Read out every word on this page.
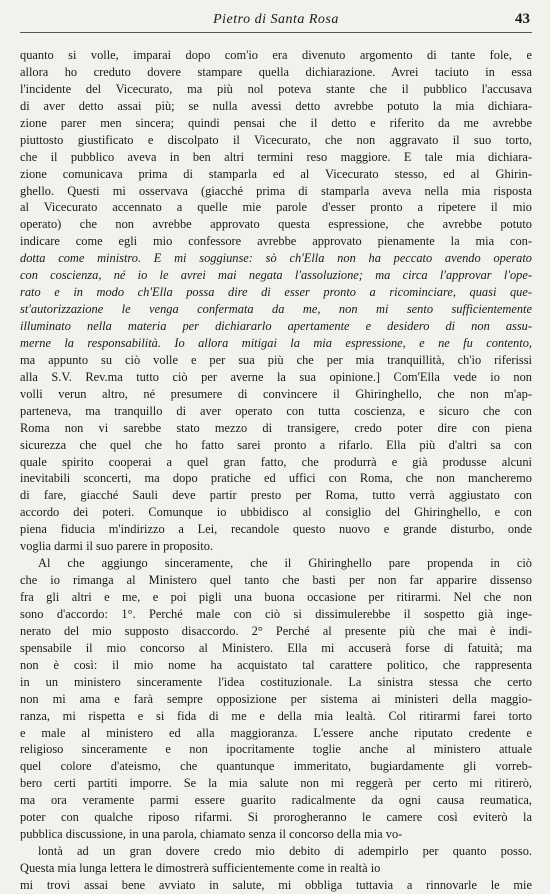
Pietro di Santa Rosa	43
quanto si volle, imparai dopo com'io era divenuto argomento di tante fole, e
allora ho creduto dovere stampare quella dichiarazione. Avrei taciuto in essa
l'incidente del Vicecurato, ma più nol poteva stante che il pubblico l'accusava
di aver detto assai più; se nulla avessi detto avrebbe potuto la mia dichiara-
zione parer men sincera; quindi pensai che il detto e riferito da me avrebbe
piuttosto giustificato e discolpato il Vicecurato, che non aggravato il suo torto,
che il pubblico aveva in ben altri termini reso maggiore. E tale mia dichiara-
zione comunicava prima di stamparla ed al Vicecurato stesso, ed al Ghirin-
ghello. Questi mi osservava (giacché prima di stamparla aveva nella mia risposta
al Vicecurato accennato a quelle mie parole d'esser pronto a ripetere il mio
operato) che non avrebbe approvato questa espressione, che avrebbe potuto
indicare come egli mio confessore avrebbe approvato pienamente la mia con-
dotta come ministro. E mi soggiunse: sò ch'Ella non ha peccato avendo operato
con coscienza, né io le avrei mai negata l'assoluzione; ma circa l'approvar l'ope-
rato e in modo ch'Ella possa dire di esser pronto a ricominciare, quasi que-
st'autorizzazione le venga confermata da me, non mi sento sufficientemente
illuminato nella materia per dichiararlo apertamente e desidero di non assu-
merne la responsabilità. Io allora mitigai la mia espressione, e ne fu contento,
ma appunto su ciò volle e per sua più che per mia tranquillità, ch'io riferissi
alla S.V. Rev.ma tutto ciò per averne la sua opinione.] Com'Ella vede io non
volli verun altro, né presumere di convincere il Ghiringhello, che non m'ap-
parteneva, ma tranquillo di aver operato con tutta coscienza, e sicuro che con
Roma non vi sarebbe stato mezzo di transigere, credo poter dire con piena
sicurezza che quel che ho fatto sarei pronto a rifarlo. Ella più d'altri sa con
quale spirito cooperai a quel gran fatto, che produrrà e già produsse alcuni
inevitabili sconcerti, ma dopo pratiche ed uffici con Roma, che non mancheremo
di fare, giacché Sauli deve partir presto per Roma, tutto verrà aggiustato con
accordo dei poteri. Comunque io ubbidisco al consiglio del Ghiringhello, e con
piena fiducia m'indirizzo a Lei, recandole questo nuovo e grande disturbo, onde
voglia darmi il suo parere in proposito.
Al che aggiungo sinceramente, che il Ghiringhello pare propenda in ciò
che io rimanga al Ministero quel tanto che basti per non far apparire dissenso
fra gli altri e me, e poi pigli una buona occasione per ritirarmi. Nel che non
sono d'accordo: 1°. Perché male con ciò si dissimulerebbe il sospetto già inge-
nerato del mio supposto disaccordo. 2° Perché al presente più che mai è indi-
spensabile il mio concorso al Ministero. Ella mi accuserà forse di fatuità; ma
non è così: il mio nome ha acquistato tal carattere politico, che rappresenta
in un ministero sinceramente l'idea costituzionale. La sinistra stessa che certo
non mi ama e farà sempre opposizione per sistema ai ministeri della maggio-
ranza, mi rispetta e si fida di me e della mia lealtà. Col ritirarmi farei torto
e male al ministero ed alla maggioranza. L'essere anche riputato credente e
religioso sinceramente e non ipocritamente toglie anche al ministero attuale
quel colore d'ateismo, che quantunque immeritato, bugiardamente gli vorreb-
bero certi partiti imporre. Se la mia salute non mi reggerà per certo mi ritirerò,
ma ora veramente parmi essere guarito radicalmente da ogni causa reumatica,
poter con qualche riposo rifarmi. Si prorogheranno le camere così eviterò la
pubblica discussione, in una parola, chiamato senza il concorso della mia vo-
lontà ad un gran dovere credo mio debito di adempirlo per quanto posso.
Questa mia lunga lettera le dimostrerà sufficientemente come in realtà io
mi trovi assai bene avviato in salute, mi obbliga tuttavia a rinnovarle le mie
